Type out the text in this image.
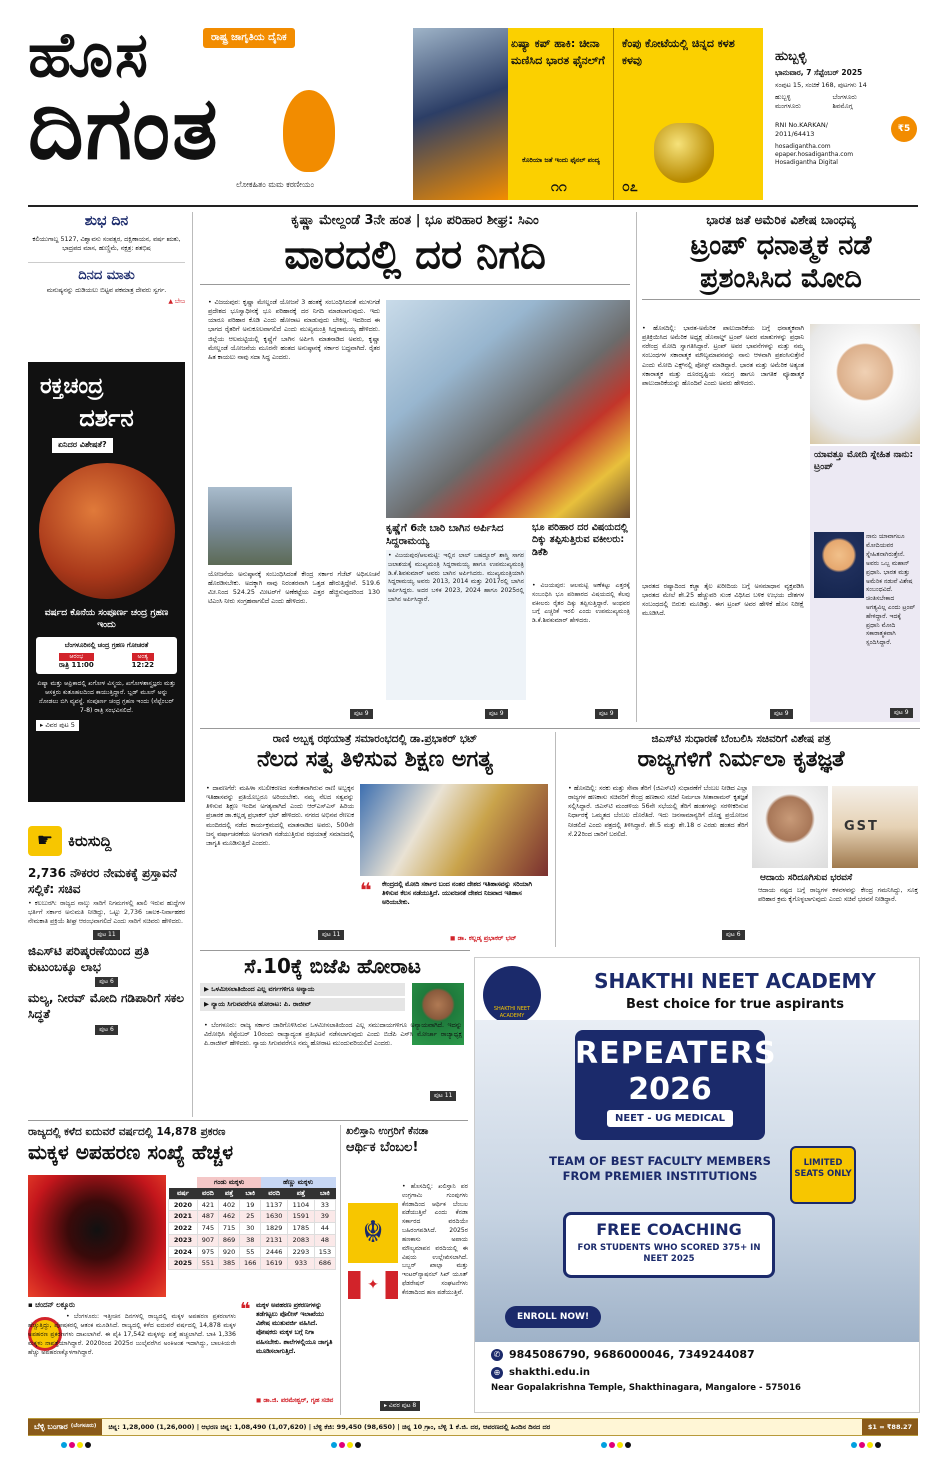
ಹೊಸ
ದಿಗಂತ
ರಾಷ್ಟ್ರ ಜಾಗೃತಿಯ ದೈನಿಕ
ಲೋಕಹಿತಂ ಮಮ ಕರಣೀಯಂ
ಏಷ್ಯಾ ಕಪ್ ಹಾಕಿ: ಚೀನಾ ಮಣಿಸಿದ ಭಾರತ ಫೈನಲ್‌ಗೆ
ಕೊರಿಯಾ ಜತೆ ಇಂದು ಫೈನಲ್ ಪಂದ್ಯ
೧೧
ಕೆಂಪು ಕೋಟೆಯಲ್ಲಿ ಚಿನ್ನದ ಕಳಶ ಕಳವು
೦೭
ಹುಬ್ಬಳ್ಳಿ
ಭಾನುವಾರ, 7 ಸೆಪ್ಟೆಂಬರ್ 2025
ಸಂಪುಟ 15, ಸಂಚಿಕೆ 168, ಪುಟಗಳು 14
ಹುಬ್ಬಳ್ಳಿ	ಬೆಂಗಳೂರು
ಮಂಗಳೂರು	ಶಿವಮೊಗ್ಗ
₹5
RNI No.KARKAN/ 2011/64413
hosadigantha.com
epaper.hosadigantha.com
Hosadigantha Digital
ಶುಭ ದಿನ
ಕಲಿಯುಗಾಬ್ದ 5127, ವಿಶ್ವಾವಸು ಸಂವತ್ಸರ, ದಕ್ಷಿಣಾಯನ, ವರ್ಷ ಋತು, ಭಾದ್ರಪದ ಮಾಸ, ಹುಣ್ಣಿಮೆ, ನಕ್ಷತ್ರ: ಶತಭಿಷ
ದಿನದ ಮಾತು
ಮನುಷ್ಯನನ್ನು ದುಡಿಯಲು ಬಿಟ್ಟವ ಪಕಮಾತ್ರ ದೇವರು ಸ್ವರ್ಗ.
▲ ಬೇಜ
ರಕ್ತಚಂದ್ರ
ದರ್ಶನ
ಏನಿದರ ವಿಶೇಷತೆ?
ವರ್ಷದ ಕೊನೆಯ ಸಂಪೂರ್ಣ ಚಂದ್ರ ಗ್ರಹಣ ಇಂದು
ಬೆಂಗಳೂರಿನಲ್ಲಿ ಚಂದ್ರ ಗ್ರಹಣ ಗೋಚರತೆ
ಆರಂಭ
ರಾತ್ರಿ 11:00
ಅಂತ್ಯ
12:22
ಏಷ್ಯಾ ಮತ್ತು ಆಫ್ರಿಕಾದಲ್ಲಿ ಖಗೋಳ ವಿಸ್ಮಯ, ಖಗೋಳಶಾಸ್ತ್ರಜ್ಞರು ಮತ್ತು ಆಸಕ್ತರು ಕುತೂಹಲದಿಂದ ಕಾಯುತ್ತಿದ್ದಾರೆ. ಬ್ಲಡ್ ಮೂನ್ ಅನ್ನು ನೋಡಲು ಬಿಗಿ ವ್ಯವಸ್ಥೆ. ಸಂಪೂರ್ಣ ಚಂದ್ರ ಗ್ರಹಣ ಇಂದು (ಸೆಪ್ಟೆಂಬರ್ 7-8) ರಾತ್ರಿ ಸಂಭವಿಸಲಿದೆ.
▸ ವಿವರ ಪುಟ 5
☛ ಕಿರುಸುದ್ದಿ
2,736 ನೌಕರರ ನೇಮಕಕ್ಕೆ ಪ್ರಸ್ತಾವನೆ ಸಲ್ಲಿಕೆ: ಸಚಿವ
• ಕಲಬುರಗಿ: ರಾಜ್ಯದ ನಾಲ್ಕು ಸಾರಿಗೆ ನಿಗಮಗಳಲ್ಲಿ ಖಾಲಿ ಇರುವ ಹುದ್ದೆಗಳ ಭರ್ತಿಗೆ ಸರ್ಕಾರ ಅನುಮತಿ ನೀಡಿದ್ದು, ಒಟ್ಟು 2,736 ಚಾಲಕ-ನಿರ್ವಾಹಕರ ನೇಮಕಾತಿ ಪ್ರಕ್ರಿಯೆ ಶೀಘ್ರ ಆರಂಭವಾಗಲಿದೆ ಎಂದು ಸಾರಿಗೆ ಸಚಿವರು ಹೇಳಿದರು.
ಪುಟ 11
ಜಿಎಸ್‌ಟಿ ಪರಿಷ್ಕರಣೆಯಿಂದ ಪ್ರತಿ ಕುಟುಂಬಕ್ಕೂ ಲಾಭ
ಪುಟ 6
ಮಲ್ಯ, ನೀರವ್ ಮೋದಿ ಗಡಿಪಾರಿಗೆ ಸಕಲ ಸಿದ್ಧತೆ
ಪುಟ 6
ಕೃಷ್ಣಾ ಮೇಲ್ದಂಡೆ 3ನೇ ಹಂತ | ಭೂ ಪರಿಹಾರ ಶೀಘ್ರ: ಸಿಎಂ
ವಾರದಲ್ಲಿ ದರ ನಿಗದಿ
• ವಿಜಯಪುರ: ಕೃಷ್ಣಾ ಮೇಲ್ದಂಡೆ ಯೋಜನೆ 3 ಹಂತಕ್ಕೆ ಸಂಬಂಧಿಸಿದಂತೆ ಮುಳುಗಡೆ ಪ್ರದೇಶದ ಭೂಸ್ವಾಧೀನಕ್ಕೆ ಭೂ ಪರಿಹಾರಕ್ಕೆ ದರ ನಿಗದಿ ಮಾಡಲಾಗುವುದು. ಇದು ಯಾರೂ ಪರಿಹಾರ ಕೊಡಿ ಎಂದು ಹೋರಾಟ ಮಾಡುವುದು ಬೇಕಿಲ್ಲ. ಇದರಿಂದ ಈ ಭಾಗದ ರೈತರಿಗೆ ಅನುಕೂಲವಾಗಲಿದೆ ಎಂದು ಮುಖ್ಯಮಂತ್ರಿ ಸಿದ್ದರಾಮಯ್ಯ ಹೇಳಿದರು. ಜಿಲ್ಲೆಯ ಆಲಮಟ್ಟಿಯಲ್ಲಿ ಕೃಷ್ಣೆಗೆ ಬಾಗಿನ ಅರ್ಪಿಸಿ ಮಾತನಾಡಿದ ಅವರು, ಕೃಷ್ಣಾ ಮೇಲ್ದಂಡೆ ಯೋಜನೆಯ ಮೂರನೇ ಹಂತದ ಅನುಷ್ಠಾನಕ್ಕೆ ಸರ್ಕಾರ ಬದ್ಧವಾಗಿದೆ. ರೈತರ ಹಿತ ಕಾಯಲು ನಾವು ಸದಾ ಸಿದ್ಧ ಎಂದರು.
ಯೋಜನೆಯ ಅನುಷ್ಠಾನಕ್ಕೆ ಸಂಬಂಧಿಸಿದಂತೆ ಕೇಂದ್ರ ಸರ್ಕಾರ ಗೆಜೆಟ್ ಅಧಿಸೂಚನೆ ಹೊರಡಿಸಬೇಕು. ಅದಕ್ಕಾಗಿ ನಾವು ನಿರಂತರವಾಗಿ ಒತ್ತಡ ಹೇರುತ್ತಿದ್ದೇವೆ. 519.6 ಮೀ.ನಿಂದ 524.25 ಮೀಟರ್‌ಗೆ ಅಣೆಕಟ್ಟೆಯ ಎತ್ತರ ಹೆಚ್ಚಿಸುವುದರಿಂದ 130 ಟಿಎಂಸಿ ನೀರು ಸಂಗ್ರಹವಾಗಲಿದೆ ಎಂದು ಹೇಳಿದರು.
ಪುಟ 9
ಕೃಷ್ಣೆಗೆ 6ನೇ ಬಾರಿ ಬಾಗಿನ ಅರ್ಪಿಸಿದ ಸಿದ್ದರಾಮಯ್ಯ
• ವಿಜಯಪುರ/ಆಲಮಟ್ಟಿ: ಇಲ್ಲಿನ ಲಾಲ್ ಬಹದ್ದೂರ್ ಶಾಸ್ತ್ರಿ ಸಾಗರ ಜಲಾಶಯಕ್ಕೆ ಮುಖ್ಯಮಂತ್ರಿ ಸಿದ್ದರಾಮಯ್ಯ ಹಾಗೂ ಉಪಮುಖ್ಯಮಂತ್ರಿ ಡಿ.ಕೆ.ಶಿವಕುಮಾರ್ ಅವರು ಬಾಗಿನ ಅರ್ಪಿಸಿದರು. ಮುಖ್ಯಮಂತ್ರಿಯಾಗಿ ಸಿದ್ದರಾಮಯ್ಯ ಅವರು 2013, 2014 ಮತ್ತು 2017ರಲ್ಲಿ ಬಾಗಿನ ಅರ್ಪಿಸಿದ್ದರು. ಅದರ ಬಳಿಕ 2023, 2024 ಹಾಗೂ 2025ರಲ್ಲಿ ಬಾಗಿನ ಅರ್ಪಿಸಿದ್ದಾರೆ.
ಪುಟ 9
ಭೂ ಪರಿಹಾರ ದರ ವಿಷಯದಲ್ಲಿ ದಿಕ್ಕು ತಪ್ಪಿಸುತ್ತಿರುವ ವಕೀಲರು: ಡಿಕೆಶಿ
• ವಿಜಯಪುರ: ಆಲಮಟ್ಟಿ ಅಣೆಕಟ್ಟು ಎತ್ತರಕ್ಕೆ ಸಂಬಂಧಿಸಿ ಭೂ ಪರಿಹಾರದ ವಿಷಯದಲ್ಲಿ ಕೆಲವು ವಕೀಲರು ರೈತರ ದಿಕ್ಕು ತಪ್ಪಿಸುತ್ತಿದ್ದಾರೆ. ಅಂಥವರ ಬಗ್ಗೆ ಎಚ್ಚರಿಕೆ ಇರಲಿ ಎಂದು ಉಪಮುಖ್ಯಮಂತ್ರಿ ಡಿ.ಕೆ.ಶಿವಕುಮಾರ್ ಹೇಳಿದರು.
ಪುಟ 9
ಭಾರತ ಜತೆ ಅಮೆರಿಕ ವಿಶೇಷ ಬಾಂಧವ್ಯ
ಟ್ರಂಪ್ ಧನಾತ್ಮಕ ನಡೆ
ಪ್ರಶಂಸಿಸಿದ ಮೋದಿ
• ಹೊಸದಿಲ್ಲಿ: ಭಾರತ-ಅಮೆರಿಕ ಪಾಲುದಾರಿಕೆಯ ಬಗ್ಗೆ ಧನಾತ್ಮಕವಾಗಿ ಪ್ರತಿಕ್ರಿಯಿಸಿದ ಅಮೆರಿಕ ಅಧ್ಯಕ್ಷ ಡೊನಾಲ್ಡ್ ಟ್ರಂಪ್ ಅವರ ಮಾತುಗಳನ್ನು ಪ್ರಧಾನಿ ನರೇಂದ್ರ ಮೋದಿ ಸ್ವಾಗತಿಸಿದ್ದಾರೆ. ಟ್ರಂಪ್ ಅವರ ಭಾವನೆಗಳನ್ನು ಮತ್ತು ನಮ್ಮ ಸಂಬಂಧಗಳ ಸಕಾರಾತ್ಮಕ ಮೌಲ್ಯಮಾಪನವನ್ನು ನಾನು ಆಳವಾಗಿ ಪ್ರಶಂಸಿಸುತ್ತೇನೆ ಎಂದು ಮೋದಿ ಎಕ್ಸ್‌ನಲ್ಲಿ ಪೋಸ್ಟ್ ಮಾಡಿದ್ದಾರೆ. ಭಾರತ ಮತ್ತು ಅಮೆರಿಕ ಅತ್ಯಂತ ಸಕಾರಾತ್ಮಕ ಮತ್ತು ದೂರದೃಷ್ಟಿಯ ಸಮಗ್ರ ಹಾಗೂ ಜಾಗತಿಕ ವ್ಯೂಹಾತ್ಮಕ ಪಾಲುದಾರಿಕೆಯನ್ನು ಹೊಂದಿವೆ ಎಂದು ಅವರು ಹೇಳಿದರು.
ಭಾರತದ ರಷ್ಯಾದಿಂದ ಕಚ್ಚಾ ತೈಲ ಖರೀದಿಯ ಬಗ್ಗೆ ಅಸಮಾಧಾನ ವ್ಯಕ್ತಪಡಿಸಿ ಭಾರತದ ಮೇಲೆ ಶೇ.25 ಹೆಚ್ಚುವರಿ ಸುಂಕ ವಿಧಿಸಿದ ಬಳಿಕ ಉಭಯ ದೇಶಗಳ ಸಂಬಂಧದಲ್ಲಿ ಬಿರುಕು ಮೂಡಿತ್ತು. ಈಗ ಟ್ರಂಪ್ ಅವರ ಹೇಳಿಕೆ ಹೊಸ ನಿರೀಕ್ಷೆ ಮೂಡಿಸಿದೆ.
ಪುಟ 9
ಯಾವತ್ತೂ ಮೋದಿ ಸ್ನೇಹಿತ ನಾನು: ಟ್ರಂಪ್
ನಾನು ಯಾವಾಗಲೂ ಮೋದಿಯವರ ಸ್ನೇಹಿತನಾಗಿರುತ್ತೇನೆ. ಅವರು ಒಬ್ಬ ಮಹಾನ್ ಪ್ರಧಾನಿ. ಭಾರತ ಮತ್ತು ಅಮೆರಿಕ ನಡುವೆ ವಿಶೇಷ ಸಂಬಂಧವಿದೆ. ಚಿಂತಿಸಬೇಕಾದ ಅಗತ್ಯವಿಲ್ಲ ಎಂದು ಟ್ರಂಪ್ ಹೇಳಿದ್ದಾರೆ. ಇದಕ್ಕೆ ಪ್ರಧಾನಿ ಮೋದಿ ಸಕಾರಾತ್ಮಕವಾಗಿ ಸ್ಪಂದಿಸಿದ್ದಾರೆ.
ಪುಟ 9
ರಾಣಿ ಅಬ್ಬಕ್ಕ ರಥಯಾತ್ರೆ ಸಮಾರಂಭದಲ್ಲಿ ಡಾ.ಪ್ರಭಾಕರ್ ಭಟ್
ನೆಲದ ಸತ್ವ ತಿಳಿಸುವ ಶಿಕ್ಷಣ ಅಗತ್ಯ
• ದಾವಣಗೆರೆ: ಮಹಿಳಾ ಸಬಲೀಕರಣದ ಸಂಕೇತವಾಗಿರುವ ರಾಣಿ ಅಬ್ಬಕ್ಕನ ಇತಿಹಾಸವನ್ನು ಪ್ರತಿಯೊಬ್ಬರೂ ಅರಿಯಬೇಕು. ನಮ್ಮ ನೆಲದ ಸತ್ವವನ್ನು ತಿಳಿಸುವ ಶಿಕ್ಷಣ ಇಂದಿನ ಅಗತ್ಯವಾಗಿದೆ ಎಂದು ಆರ್‌ಎಸ್‌ಎಸ್ ಹಿರಿಯ ಪ್ರಚಾರಕ ಡಾ.ಕಲ್ಲಡ್ಕ ಪ್ರಭಾಕರ್ ಭಟ್ ಹೇಳಿದರು. ನಗರದ ಅಭಿನವ ರೇಣುಕ ಮಂದಿರದಲ್ಲಿ ನಡೆದ ಕಾರ್ಯಕ್ರಮದಲ್ಲಿ ಮಾತನಾಡಿದ ಅವರು, 500ನೇ ಜನ್ಮ ವರ್ಷಾಚರಣೆಯ ಅಂಗವಾಗಿ ನಡೆಯುತ್ತಿರುವ ರಥಯಾತ್ರೆ ಸಮಾಜದಲ್ಲಿ ಜಾಗೃತಿ ಮೂಡಿಸುತ್ತಿದೆ ಎಂದರು.
ಪುಟ 11
❝ ಕೇಂದ್ರದಲ್ಲಿ ಮೋದಿ ಸರ್ಕಾರ ಬಂದ ನಂತರ ದೇಶದ ಇತಿಹಾಸವನ್ನು ಸರಿಯಾಗಿ ತಿಳಿಸುವ ಕೆಲಸ ನಡೆಯುತ್ತಿದೆ. ಯುವಜನತೆ ದೇಶದ ನಿಜವಾದ ಇತಿಹಾಸ ಅರಿಯಬೇಕು.
◼ ಡಾ. ಕಲ್ಲಡ್ಕ ಪ್ರಭಾಕರ್ ಭಟ್
ಜಿಎಸ್‌ಟಿ ಸುಧಾರಣೆ ಬೆಂಬಲಿಸಿ ಸಚಿವರಿಗೆ ವಿಶೇಷ ಪತ್ರ
ರಾಜ್ಯಗಳಿಗೆ ನಿರ್ಮಲಾ ಕೃತಜ್ಞತೆ
• ಹೊಸದಿಲ್ಲಿ: ಸರಕು ಮತ್ತು ಸೇವಾ ತೆರಿಗೆ (ಜಿಎಸ್‌ಟಿ) ಸುಧಾರಣೆಗೆ ಬೆಂಬಲ ನೀಡಿದ ಎಲ್ಲಾ ರಾಜ್ಯಗಳ ಹಣಕಾಸು ಸಚಿವರಿಗೆ ಕೇಂದ್ರ ಹಣಕಾಸು ಸಚಿವೆ ನಿರ್ಮಲಾ ಸೀತಾರಾಮನ್ ಕೃತಜ್ಞತೆ ಸಲ್ಲಿಸಿದ್ದಾರೆ. ಜಿಎಸ್‌ಟಿ ಮಂಡಳಿಯ 56ನೇ ಸಭೆಯಲ್ಲಿ ತೆರಿಗೆ ಹಂತಗಳನ್ನು ಸರಳೀಕರಿಸುವ ನಿರ್ಧಾರಕ್ಕೆ ಒಮ್ಮತದ ಬೆಂಬಲ ದೊರೆತಿದೆ. ಇದು ಜನಸಾಮಾನ್ಯರಿಗೆ ದೊಡ್ಡ ಪ್ರಯೋಜನ ನೀಡಲಿದೆ ಎಂದು ಪತ್ರದಲ್ಲಿ ತಿಳಿಸಿದ್ದಾರೆ. ಶೇ.5 ಮತ್ತು ಶೇ.18 ರ ಎರಡು ಹಂತದ ತೆರಿಗೆ ಸೆ.22ರಿಂದ ಜಾರಿಗೆ ಬರಲಿದೆ.
GST
ಆದಾಯ ಸರಿದೂಗಿಸುವ ಭರವಸೆ
ಆದಾಯ ನಷ್ಟದ ಬಗ್ಗೆ ರಾಜ್ಯಗಳ ಕಳವಳವನ್ನು ಕೇಂದ್ರ ಗಮನಿಸಿದ್ದು, ಸೂಕ್ತ ಪರಿಹಾರ ಕ್ರಮ ಕೈಗೊಳ್ಳಲಾಗುವುದು ಎಂದು ಸಚಿವೆ ಭರವಸೆ ನೀಡಿದ್ದಾರೆ.
ಪುಟ 6
ಸೆ.10ಕ್ಕೆ ಬಿಜೆಪಿ ಹೋರಾಟ
▶ ಒಳಮೀಸಲಾತಿಯಿಂದ ಎಲ್ಲ ವರ್ಗಗಳಿಗೂ ಅನ್ಯಾಯ
▶ ನ್ಯಾಯ ಸಿಗುವವರೆಗೂ ಹೋರಾಟ: ಪಿ. ರಾಜೀವ್
• ಬೆಂಗಳೂರು: ರಾಜ್ಯ ಸರ್ಕಾರ ಜಾರಿಗೊಳಿಸಿರುವ ಒಳಮೀಸಲಾತಿಯಿಂದ ಎಲ್ಲ ಸಮುದಾಯಗಳಿಗೂ ಅನ್ಯಾಯವಾಗಿದೆ. ಇದನ್ನು ವಿರೋಧಿಸಿ ಸೆಪ್ಟೆಂಬರ್ 10ರಂದು ರಾಜ್ಯಾದ್ಯಂತ ಪ್ರತಿಭಟನೆ ನಡೆಸಲಾಗುವುದು ಎಂದು ಬಿಜೆಪಿ ಎಸ್‌ಸಿ ಮೋರ್ಚಾ ರಾಜ್ಯಾಧ್ಯಕ್ಷ ಪಿ.ರಾಜೀವ್ ಹೇಳಿದರು. ನ್ಯಾಯ ಸಿಗುವವರೆಗೂ ನಮ್ಮ ಹೋರಾಟ ಮುಂದುವರಿಯಲಿದೆ ಎಂದರು.
ಪುಟ 11
SHAKTHI NEET ACADEMY
SHAKTHI NEET ACADEMY
Best choice for true aspirants
REPEATERS
2026
NEET - UG MEDICAL
TEAM OF BEST FACULTY MEMBERS FROM PREMIER INSTITUTIONS
LIMITED SEATS ONLY
FREE COACHING
FOR STUDENTS WHO SCORED 375+ IN NEET 2025
ENROLL NOW!
✆ 9845086790, 9686000046, 7349244087
⊕ shakthi.edu.in
Near Gopalakrishna Temple, Shakthinagara, Mangalore - 575016
ರಾಜ್ಯದಲ್ಲಿ ಕಳೆದ ಐದುವರೆ ವರ್ಷದಲ್ಲಿ 14,878 ಪ್ರಕರಣ
ಮಕ್ಕಳ ಅಪಹರಣ ಸಂಖ್ಯೆ ಹೆಚ್ಚಳ
	ಗಂಡು ಮಕ್ಕಳು			ಹೆಣ್ಣು ಮಕ್ಕಳು		
ವರ್ಷ	ವರದಿ	ಪತ್ತೆ	ಬಾಕಿ	ವರದಿ	ಪತ್ತೆ	ಬಾಕಿ
2020	421	402	19	1137	1104	33
2021	487	462	25	1630	1591	39
2022	745	715	30	1829	1785	44
2023	907	869	38	2131	2083	48
2024	975	920	55	2446	2293	153
2025	551	385	166	1619	933	686
▪ ಚಂದನ್ ಲಕ್ಕೂರು
• ಬೆಂಗಳೂರು: ಇತ್ತೀಚಿನ ದಿನಗಳಲ್ಲಿ ರಾಜ್ಯದಲ್ಲಿ ಮಕ್ಕಳ ಅಪಹರಣ ಪ್ರಕರಣಗಳು ಹೆಚ್ಚುತ್ತಿದ್ದು, ಪೋಷಕರಲ್ಲಿ ಆತಂಕ ಮೂಡಿಸಿದೆ. ರಾಜ್ಯದಲ್ಲಿ ಕಳೆದ ಐದುವರೆ ವರ್ಷದಲ್ಲಿ 14,878 ಮಕ್ಕಳ ಅಪಹರಣ ಪ್ರಕರಣಗಳು ದಾಖಲಾಗಿವೆ. ಈ ಪೈಕಿ 17,542 ಮಕ್ಕಳನ್ನು ಪತ್ತೆ ಹಚ್ಚಲಾಗಿದೆ. ಬಾಕಿ 1,336 ಮಕ್ಕಳು ನಾಪತ್ತೆಯಾಗಿದ್ದಾರೆ. 2020ರಿಂದ 2025ರ ಜುಲೈವರೆಗಿನ ಅಂಕಿಅಂಶ ಇದಾಗಿದ್ದು, ಬಾಲಕಿಯರೇ ಹೆಚ್ಚು ಅಪಹರಣಕ್ಕೊಳಗಾಗಿದ್ದಾರೆ.
❝ ಮಕ್ಕಳ ಅಪಹರಣ ಪ್ರಕರಣಗಳನ್ನು ತಡೆಗಟ್ಟಲು ಪೊಲೀಸ್ ಇಲಾಖೆಯು ವಿಶೇಷ ಮುತುವರ್ಜಿ ವಹಿಸಿದೆ. ಪೋಷಕರು ಮಕ್ಕಳ ಬಗ್ಗೆ ನಿಗಾ ವಹಿಸಬೇಕು. ಶಾಲೆಗಳಲ್ಲಿಯೂ ಜಾಗೃತಿ ಮೂಡಿಸಲಾಗುತ್ತಿದೆ.
◼ ಡಾ.ಜಿ. ಪರಮೇಶ್ವರ್, ಗೃಹ ಸಚಿವ
ಖಲಿಸ್ತಾನಿ ಉಗ್ರರಿಗೆ ಕೆನಡಾ
ಆರ್ಥಿಕ ಬೆಂಬಲ!
☬
✦
• ಹೊಸದಿಲ್ಲಿ: ಖಲಿಸ್ತಾನಿ ಪರ ಉಗ್ರಗಾಮಿ ಗುಂಪುಗಳು ಕೆನಡಾದಿಂದ ಆರ್ಥಿಕ ಬೆಂಬಲ ಪಡೆಯುತ್ತಿವೆ ಎಂದು ಕೆನಡಾ ಸರ್ಕಾರದ ವರದಿಯೇ ಬಹಿರಂಗಪಡಿಸಿದೆ. 2025ರ ಹಣಕಾಸು ಅಪಾಯ ಮೌಲ್ಯಮಾಪನ ವರದಿಯಲ್ಲಿ ಈ ವಿಷಯ ಉಲ್ಲೇಖಿಸಲಾಗಿದೆ. ಬಬ್ಬರ್ ಖಾಲ್ಸಾ ಮತ್ತು ಇಂಟರ್‌ನ್ಯಾಷನಲ್ ಸಿಖ್ ಯೂತ್ ಫೆಡರೇಷನ್ ಸಂಘಟನೆಗಳು ಕೆನಡಾದಿಂದ ಹಣ ಪಡೆಯುತ್ತಿವೆ.
▸ ವಿವರ ಪುಟ 8
ಬೆಳ್ಳಿ ಬಂಗಾರ (ಬೆಂಗಳೂರು)	ಚಿನ್ನ: 1,28,000 (1,26,000) | ಆಭರಣ ಚಿನ್ನ: 1,08,490 (1,07,620) | ಬೆಳ್ಳಿ ಕೆಜಿ: 99,450 (98,650) | ಚಿನ್ನ 10 ಗ್ರಾಂ, ಬೆಳ್ಳಿ 1 ಕೆ.ಜಿ. ದರ, ಆವರಣದಲ್ಲಿ ಹಿಂದಿನ ದಿನದ ದರ	$1 = ₹88.27
